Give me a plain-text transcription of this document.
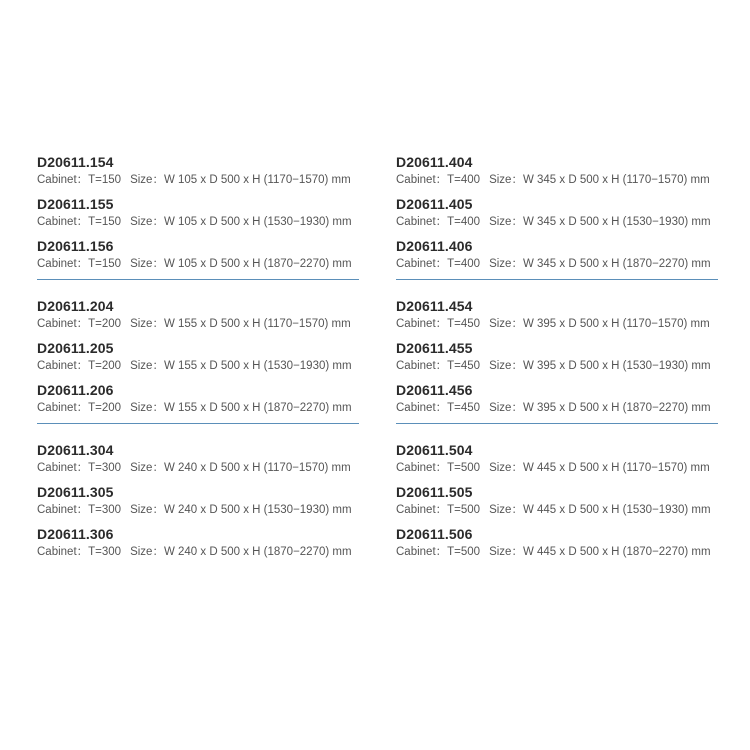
D20611.154
Cabinet：T=150 Size：W 105 x D 500 x H (1170−1570) mm
D20611.155
Cabinet：T=150 Size：W 105 x D 500 x H (1530−1930) mm
D20611.156
Cabinet：T=150 Size：W 105 x D 500 x H (1870−2270) mm
D20611.204
Cabinet：T=200 Size：W 155 x D 500 x H (1170−1570) mm
D20611.205
Cabinet：T=200 Size：W 155 x D 500 x H (1530−1930) mm
D20611.206
Cabinet：T=200 Size：W 155 x D 500 x H (1870−2270) mm
D20611.304
Cabinet：T=300 Size：W 240 x D 500 x H (1170−1570) mm
D20611.305
Cabinet：T=300 Size：W 240 x D 500 x H (1530−1930) mm
D20611.306
Cabinet：T=300 Size：W 240 x D 500 x H (1870−2270) mm
D20611.404
Cabinet：T=400 Size：W 345 x D 500 x H (1170−1570) mm
D20611.405
Cabinet：T=400 Size：W 345 x D 500 x H (1530−1930) mm
D20611.406
Cabinet：T=400 Size：W 345 x D 500 x H (1870−2270) mm
D20611.454
Cabinet：T=450 Size：W 395 x D 500 x H (1170−1570) mm
D20611.455
Cabinet：T=450 Size：W 395 x D 500 x H (1530−1930) mm
D20611.456
Cabinet：T=450 Size：W 395 x D 500 x H (1870−2270) mm
D20611.504
Cabinet：T=500 Size：W 445 x D 500 x H (1170−1570) mm
D20611.505
Cabinet：T=500 Size：W 445 x D 500 x H (1530−1930) mm
D20611.506
Cabinet：T=500 Size：W 445 x D 500 x H (1870−2270) mm
